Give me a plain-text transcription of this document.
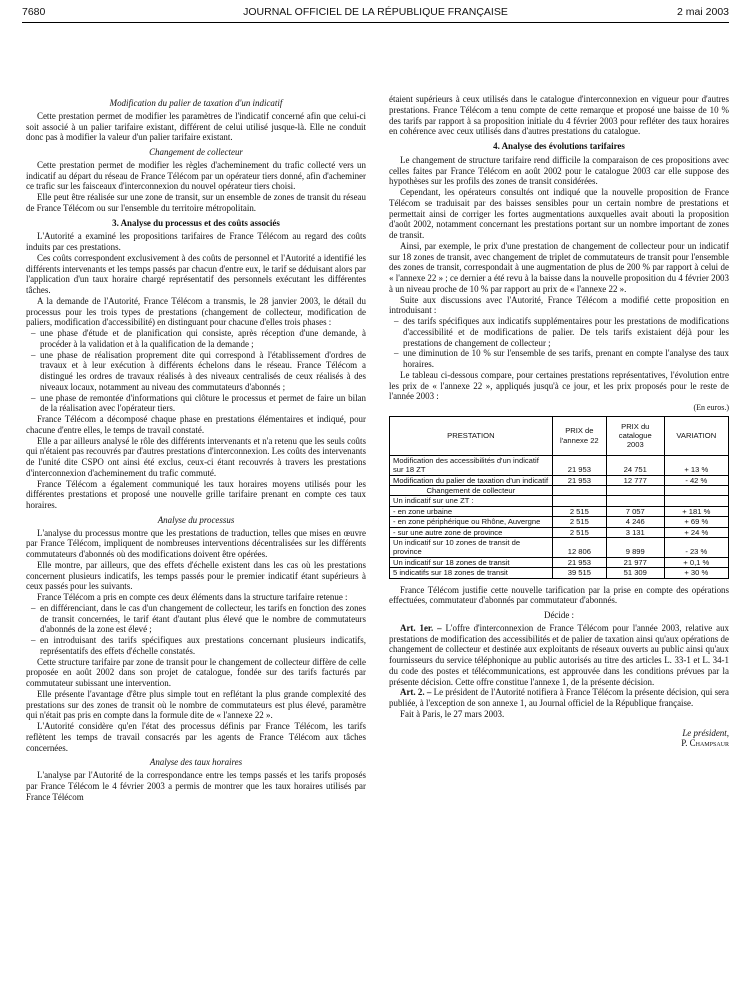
7680	JOURNAL OFFICIEL DE LA RÉPUBLIQUE FRANÇAISE	2 mai 2003

Modification du palier de taxation d'un indicatif

Cette prestation permet de modifier les paramètres de l'indicatif concerné afin que celui-ci soit associé à un palier tarifaire existant, différent de celui utilisé jusque-là. Elle ne conduit donc pas à modifier la valeur d'un palier tarifaire existant.

Changement de collecteur

Cette prestation permet de modifier les règles d'acheminement du trafic collecté vers un indicatif au départ du réseau de France Télécom par un opérateur tiers donné, afin d'acheminer ce trafic sur les faisceaux d'interconnexion du nouvel opérateur tiers choisi.

Elle peut être réalisée sur une zone de transit, sur un ensemble de zones de transit du réseau de France Télécom ou sur l'ensemble du territoire métropolitain.

3. Analyse du processus et des coûts associés

L'Autorité a examiné les propositions tarifaires de France Télécom au regard des coûts induits par ces prestations.

Ces coûts correspondent exclusivement à des coûts de personnel et l'Autorité a identifié les différents intervenants et les temps passés par chacun d'entre eux, le tarif se déduisant alors par l'application d'un taux horaire chargé représentatif des personnels exécutant les différentes tâches.

A la demande de l'Autorité, France Télécom a transmis, le 28 janvier 2003, le détail du processus pour les trois types de prestations (changement de collecteur, modification de paliers, modification d'accessibilité) en distinguant pour chacune d'elles trois phases :

– une phase d'étude et de planification qui consiste, après réception d'une demande, à procéder à la validation et à la qualification de la demande ;
– une phase de réalisation proprement dite qui correspond à l'établissement d'ordres de travaux et à leur exécution à différents échelons dans le réseau. France Télécom a distingué les ordres de travaux réalisés à des niveaux centralisés de ceux réalisés à des niveaux locaux, notamment au niveau des commutateurs d'abonnés ;
– une phase de remontée d'informations qui clôture le processus et permet de faire un bilan de la réalisation avec l'opérateur tiers.

France Télécom a décomposé chaque phase en prestations élémentaires et indiqué, pour chacune d'entre elles, le temps de travail constaté.

Elle a par ailleurs analysé le rôle des différents intervenants et n'a retenu que les seuls coûts qui n'étaient pas recouvrés par d'autres prestations d'interconnexion. Les coûts des intervenants de l'unité dite CSPO ont ainsi été exclus, ceux-ci étant recouvrés à travers les prestations d'interconnexion d'acheminement du trafic commuté.

France Télécom a également communiqué les taux horaires moyens utilisés pour les différentes prestations et proposé une nouvelle grille tarifaire prenant en compte ces taux horaires.

Analyse du processus

L'analyse du processus montre que les prestations de traduction, telles que mises en œuvre par France Télécom, impliquent de nombreuses interventions décentralisées sur les différents commutateurs d'abonnés où des modifications doivent être opérées.

Elle montre, par ailleurs, que des effets d'échelle existent dans les cas où les prestations concernent plusieurs indicatifs, les temps passés pour le premier indicatif étant supérieurs à ceux passés pour les suivants.

France Télécom a pris en compte ces deux éléments dans la structure tarifaire retenue :

– en différenciant, dans le cas d'un changement de collecteur, les tarifs en fonction des zones de transit concernées, le tarif étant d'autant plus élevé que le nombre de commutateurs d'abonnés de la zone est élevé ;
– en introduisant des tarifs spécifiques aux prestations concernant plusieurs indicatifs, représentatifs des effets d'échelle constatés.

Cette structure tarifaire par zone de transit pour le changement de collecteur diffère de celle proposée en août 2002 dans son projet de catalogue, fondée sur des tarifs facturés par commutateur subissant une intervention.

Elle présente l'avantage d'être plus simple tout en reflétant la plus grande complexité des prestations sur des zones de transit où le nombre de commutateurs est plus élevé, paramètre qui n'était pas pris en compte dans la formule dite de « l'annexe 22 ».

L'Autorité considère qu'en l'état des processus définis par France Télécom, les tarifs reflètent les temps de travail consacrés par les agents de France Télécom aux tâches concernées.

Analyse des taux horaires

L'analyse par l'Autorité de la correspondance entre les temps passés et les tarifs proposés par France Télécom le 4 février 2003 a permis de montrer que les taux horaires utilisés par France Télécom

étaient supérieurs à ceux utilisés dans le catalogue d'interconnexion en vigueur pour d'autres prestations. France Télécom a tenu compte de cette remarque et proposé une baisse de 10 % des tarifs par rapport à sa proposition initiale du 4 février 2003 pour refléter des taux horaires en cohérence avec ceux utilisés dans d'autres prestations du catalogue.

4. Analyse des évolutions tarifaires

Le changement de structure tarifaire rend difficile la comparaison de ces propositions avec celles faites par France Télécom en août 2002 pour le catalogue 2003 car elle suppose des hypothèses sur les profils des zones de transit considérées.

Cependant, les opérateurs consultés ont indiqué que la nouvelle proposition de France Télécom se traduisait par des baisses sensibles pour un certain nombre de prestations et permettait ainsi de corriger les fortes augmentations auxquelles avait abouti la proposition d'août 2002, notamment concernant les prestations portant sur un nombre important de zones de transit.

Ainsi, par exemple, le prix d'une prestation de changement de collecteur pour un indicatif sur 18 zones de transit, avec changement de triplet de commutateurs de transit pour l'ensemble des zones de transit, correspondait à une augmentation de plus de 200 % par rapport à celui de « l'annexe 22 » ; ce dernier a été revu à la baisse dans la nouvelle proposition du 4 février 2003 à un niveau proche de 10 % par rapport au prix de « l'annexe 22 ».

Suite aux discussions avec l'Autorité, France Télécom a modifié cette proposition en introduisant :

– des tarifs spécifiques aux indicatifs supplémentaires pour les prestations de modifications d'accessibilité et de modifications de palier. De tels tarifs existaient déjà pour les prestations de changement de collecteur ;
– une diminution de 10 % sur l'ensemble de ses tarifs, prenant en compte l'analyse des taux horaires.

Le tableau ci-dessous compare, pour certaines prestations représentatives, l'évolution entre les prix de « l'annexe 22 », appliqués jusqu'à ce jour, et les prix proposés pour le reste de l'année 2003 :

(En euros.)
PRESTATION	PRIX de l'annexe 22	PRIX du catalogue 2003	VARIATION
Modification des accessibilités d'un indicatif sur 18 ZT	21 953	24 751	+ 13 %
Modification du palier de taxation d'un indicatif	21 953	12 777	- 42 %
Changement de collecteur			
Un indicatif sur une ZT :			
- en zone urbaine	2 515	7 057	+ 181 %
- en zone périphérique ou Rhône, Auvergne	2 515	4 246	+ 69 %
- sur une autre zone de province	2 515	3 131	+ 24 %
Un indicatif sur 10 zones de transit de province	12 806	9 899	- 23 %
Un indicatif sur 18 zones de transit	21 953	21 977	+ 0,1 %
5 indicatifs sur 18 zones de transit	39 515	51 309	+ 30 %

France Télécom justifie cette nouvelle tarification par la prise en compte des opérations effectuées, commutateur d'abonnés par commutateur d'abonnés.

Décide :

Art. 1er. – L'offre d'interconnexion de France Télécom pour l'année 2003, relative aux prestations de modification des accessibilités et de palier de taxation ainsi qu'aux opérations de changement de collecteur et destinée aux exploitants de réseaux ouverts au public ainsi qu'aux fournisseurs du service téléphonique au public autorisés au titre des articles L. 33-1 et L. 34-1 du code des postes et télécommunications, est approuvée dans les conditions prévues par la présente décision. Cette offre constitue l'annexe 1, de la présente décision.

Art. 2. – Le président de l'Autorité notifiera à France Télécom la présente décision, qui sera publiée, à l'exception de son annexe 1, au Journal officiel de la République française.

Fait à Paris, le 27 mars 2003.

Le président,

P. Champsaur
